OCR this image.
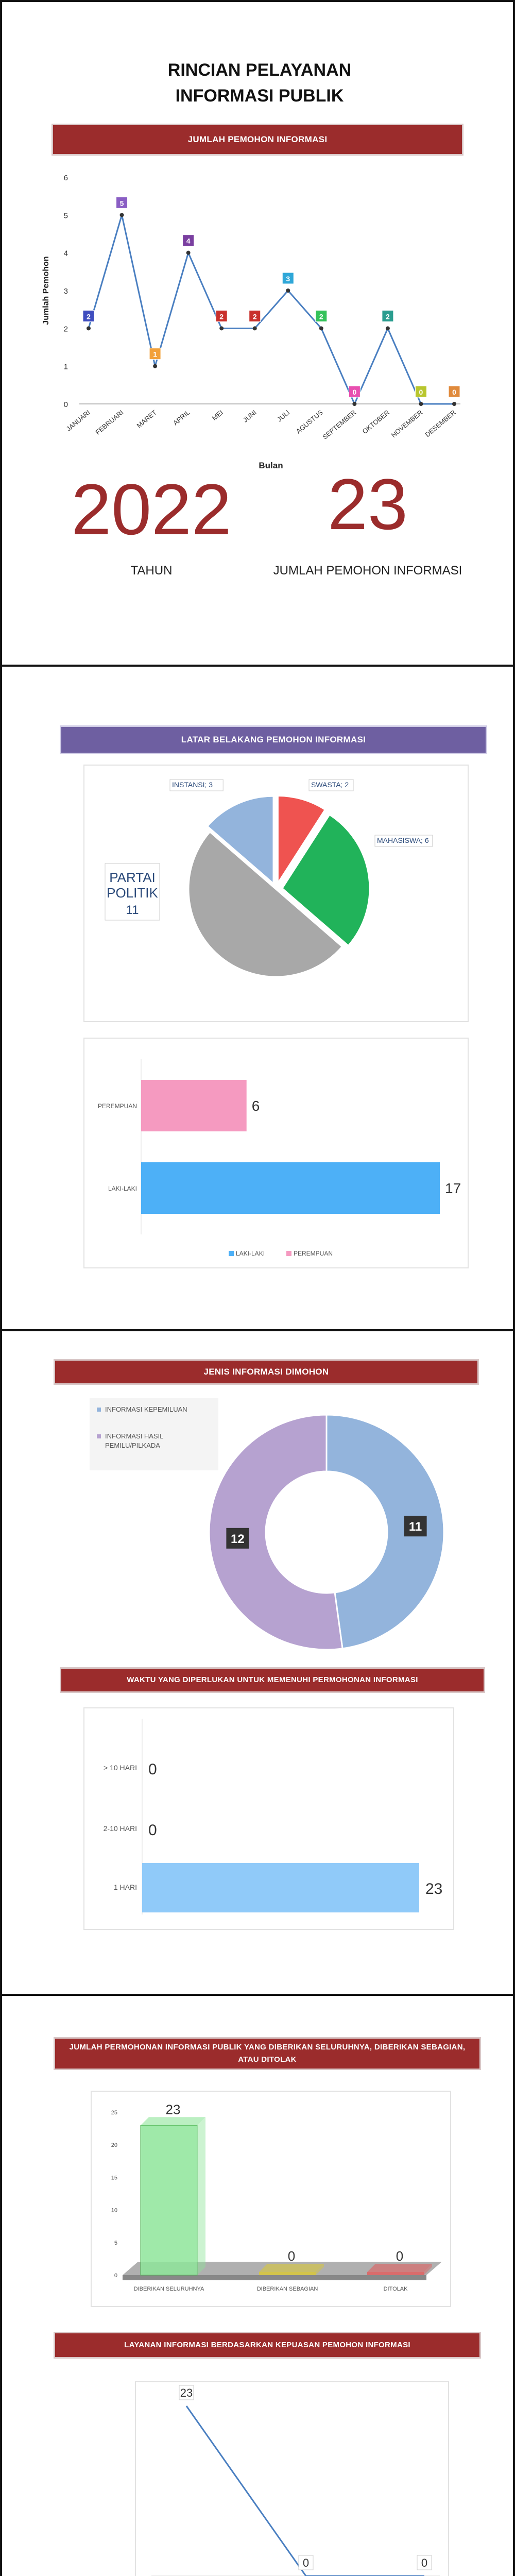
RINCIAN PELAYANAN
INFORMASI PUBLIK
JUMLAH PEMOHON INFORMASI
0
1
2
3
4
5
6
Jumlah Pemohon	2
JANUARI
5
FEBRUARI
1
MARET
4
APRIL
2
MEI
2
JUNI
3
JULI
2
AGUSTUS
0
SEPTEMBER
2
OKTOBER
0
NOVEMBER
0
DESEMBER
Bulan
2022
TAHUN
23
JUMLAH PEMOHON INFORMASI
LATAR BELAKANG PEMOHON INFORMASI
SWASTA; 2
MAHASISWA; 6
PARTAI
POLITIK
11
INSTANSI; 3
PEREMPUAN	6
LAKI-LAKI	17
LAKI-LAKI	PEREMPUAN
JENIS INFORMASI DIMOHON
11
12
INFORMASI KEPEMILUAN
INFORMASI HASIL
PEMILU/PILKADA
WAKTU YANG DIPERLUKAN UNTUK MEMENUHI PERMOHONAN INFORMASI
> 10 HARI 0
2-10 HARI 0
1 HARI	23
JUMLAH PERMOHONAN INFORMASI PUBLIK YANG DIBERIKAN SELURUHNYA, DIBERIKAN SEBAGIAN, ATAU DITOLAK
0
5
10
15
20
25	23
DIBERIKAN SELURUHNYA
0
DIBERIKAN SEBAGIAN
0
DITOLAK
LAYANAN INFORMASI BERDASARKAN KEPUASAN PEMOHON INFORMASI
23
0	0
